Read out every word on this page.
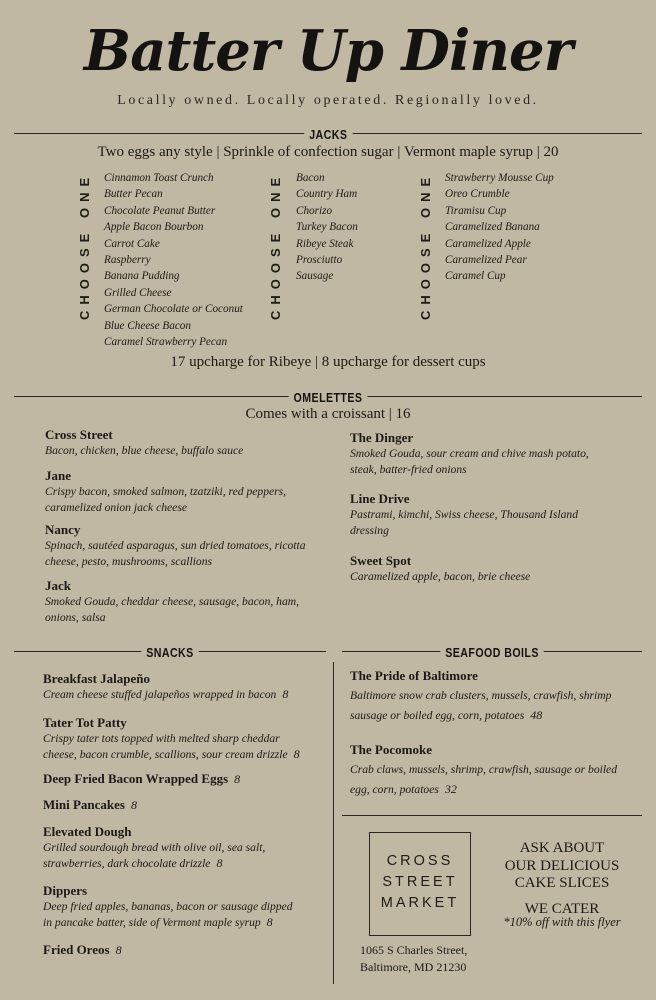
Batter Up Diner
Locally owned. Locally operated. Regionally loved.
JACKS
Two eggs any style | Sprinkle of confection sugar | Vermont maple syrup | 20
CHOOSE ONE Cinnamon Toast Crunch
Butter Pecan
Chocolate Peanut Butter
Apple Bacon Bourbon
Carrot Cake
Raspberry
Banana Pudding
Grilled Cheese
German Chocolate or Coconut
Blue Cheese Bacon
Caramel Strawberry Pecan
CHOOSE ONE Bacon
Country Ham
Chorizo
Turkey Bacon
Ribeye Steak
Prosciutto
Sausage	CHOOSE ONE Strawberry Mousse Cup
Oreo Crumble
Tiramisu Cup
Caramelized Banana
Caramelized Apple
Caramelized Pear
Caramel Cup
17 upcharge for Ribeye | 8 upcharge for dessert cups
OMELETTES
Comes with a croissant | 16
Cross Street
Bacon, chicken, blue cheese, buffalo sauce
Jane
Crispy bacon, smoked salmon, tzatziki, red peppers,
caramelized onion jack cheese
Nancy
Spinach, sautéed asparagus, sun dried tomatoes, ricotta
cheese, pesto, mushrooms, scallions
Jack
Smoked Gouda, cheddar cheese, sausage, bacon, ham,
onions, salsa
The Dinger
Smoked Gouda, sour cream and chive mash potato,
steak, batter-fried onions
Line Drive
Pastrami, kimchi, Swiss cheese, Thousand Island
dressing
Sweet Spot
Caramelized apple, bacon, brie cheese
SNACKS
Breakfast Jalapeño
Cream cheese stuffed jalapeños wrapped in bacon 8
Tater Tot Patty
Crispy tater tots topped with melted sharp cheddar
cheese, bacon crumble, scallions, sour cream drizzle 8
Deep Fried Bacon Wrapped Eggs 8
Mini Pancakes 8
Elevated Dough
Grilled sourdough bread with olive oil, sea salt,
strawberries, dark chocolate drizzle 8
Dippers
Deep fried apples, bananas, bacon or sausage dipped
in pancake batter, side of Vermont maple syrup 8
Fried Oreos 8
SEAFOOD BOILS
The Pride of Baltimore
Baltimore snow crab clusters, mussels, crawfish, shrimp
sausage or boiled egg, corn, potatoes 48
The Pocomoke
Crab claws, mussels, shrimp, crawfish, sausage or boiled
egg, corn, potatoes 32
CROSS
STREET
MARKET
1065 S Charles Street,
Baltimore, MD 21230
ASK ABOUT
OUR DELICIOUS
CAKE SLICES
WE CATER
*10% off with this flyer
